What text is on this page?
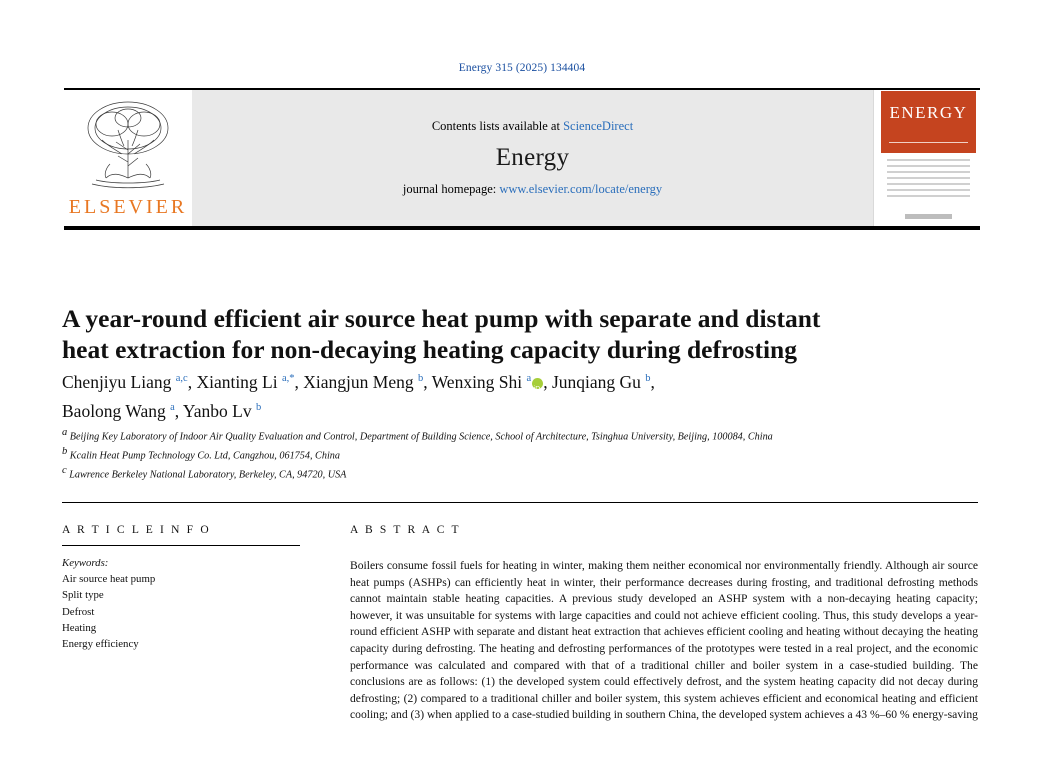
Energy 315 (2025) 134404
ELSEVIER
Contents lists available at ScienceDirect
Energy
journal homepage: www.elsevier.com/locate/energy
ENERGY
A year-round efficient air source heat pump with separate and distant heat extraction for non-decaying heating capacity during defrosting
Chenjiyu Liang $^{a,c}$, Xianting Li $^{a,*}$, Xiangjun Meng $^b$, Wenxing Shi $^a$ iD , Junqiang Gu $^b$,
Baolong Wang $^a$, Yanbo Lv $^b$

$^a$ Beijing Key Laboratory of Indoor Air Quality Evaluation and Control, Department of Building Science, School of Architecture, Tsinghua University, Beijing, 100084, China

$^b$ Kcalin Heat Pump Technology Co. Ltd, Cangzhou, 061754, China

$^c$ Lawrence Berkeley National Laboratory, Berkeley, CA, 94720, USA

A R T I C L E I N F O
Keywords:
Air source heat pump
Split type
Defrost
Heating
Energy efficiency
A B S T R A C T
Boilers consume fossil fuels for heating in winter, making them neither economical nor environmentally friendly. Although air source heat pumps (ASHPs) can efficiently heat in winter, their performance decreases during frosting, and traditional defrosting methods cannot maintain stable heating capacities. A previous study developed an ASHP system with a non-decaying heating capacity; however, it was unsuitable for systems with large capacities and could not achieve efficient cooling. Thus, this study develops a year-round efficient ASHP with separate and distant heat extraction that achieves efficient cooling and heating without decaying the heating capacity during defrosting. The heating and defrosting performances of the prototypes were tested in a real project, and the economic performance was calculated and compared with that of a traditional chiller and boiler system in a case-studied building. The conclusions are as follows: (1) the developed system could effectively defrost, and the system heating capacity did not decay during defrosting; (2) compared to a traditional chiller and boiler system, this system achieves efficient and economical heating and efficient cooling; and (3) when applied to a case-studied building in southern China, the developed system achieves a 43 %–60 % energy-saving
